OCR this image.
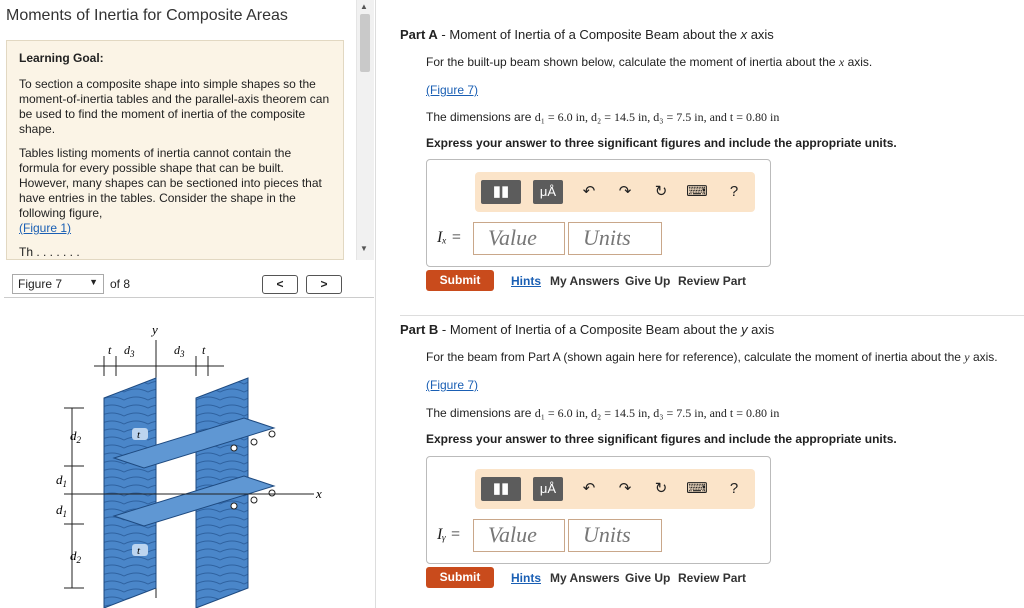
Moments of Inertia for Composite Areas
Learning Goal:

To section a composite shape into simple shapes so the moment-of-inertia tables and the parallel-axis theorem can be used to find the moment of inertia of the composite shape.

Tables listing moments of inertia cannot contain the formula for every possible shape that can be built. However, many shapes can be sectioned into pieces that have entries in the tables. Consider the shape in the following figure,
(Figure 1)

Th . . . . . . .

▲
▼
Figure 7	▼ of 8	<	>
y
x
$d_2$
$d_1$
$d_1$
$d_2$
t $d_3$	$d_3$ t
t
t
Part A - Moment of Inertia of a Composite Beam about the x axis
For the built-up beam shown below, calculate the moment of inertia about the x axis.
(Figure 7)
The dimensions are d₁ = 6.0 in, d₂ = 14.5 in, d₃ = 7.5 in, and t = 0.80 in
Express your answer to three significant figures and include the appropriate units.
▮▮	μÅ	↶ ↷ ↻ ⌨	?
Iₓ =	Value	Units
Submit	Hints My Answers Give Up Review Part
Part B - Moment of Inertia of a Composite Beam about the y axis
For the beam from Part A (shown again here for reference), calculate the moment of inertia about the y axis.
(Figure 7)
The dimensions are d₁ = 6.0 in, d₂ = 14.5 in, d₃ = 7.5 in, and t = 0.80 in
Express your answer to three significant figures and include the appropriate units.
▮▮	μÅ	↶ ↷ ↻ ⌨	?
Iᵧ =	Value	Units
Submit	Hints My Answers Give Up Review Part
